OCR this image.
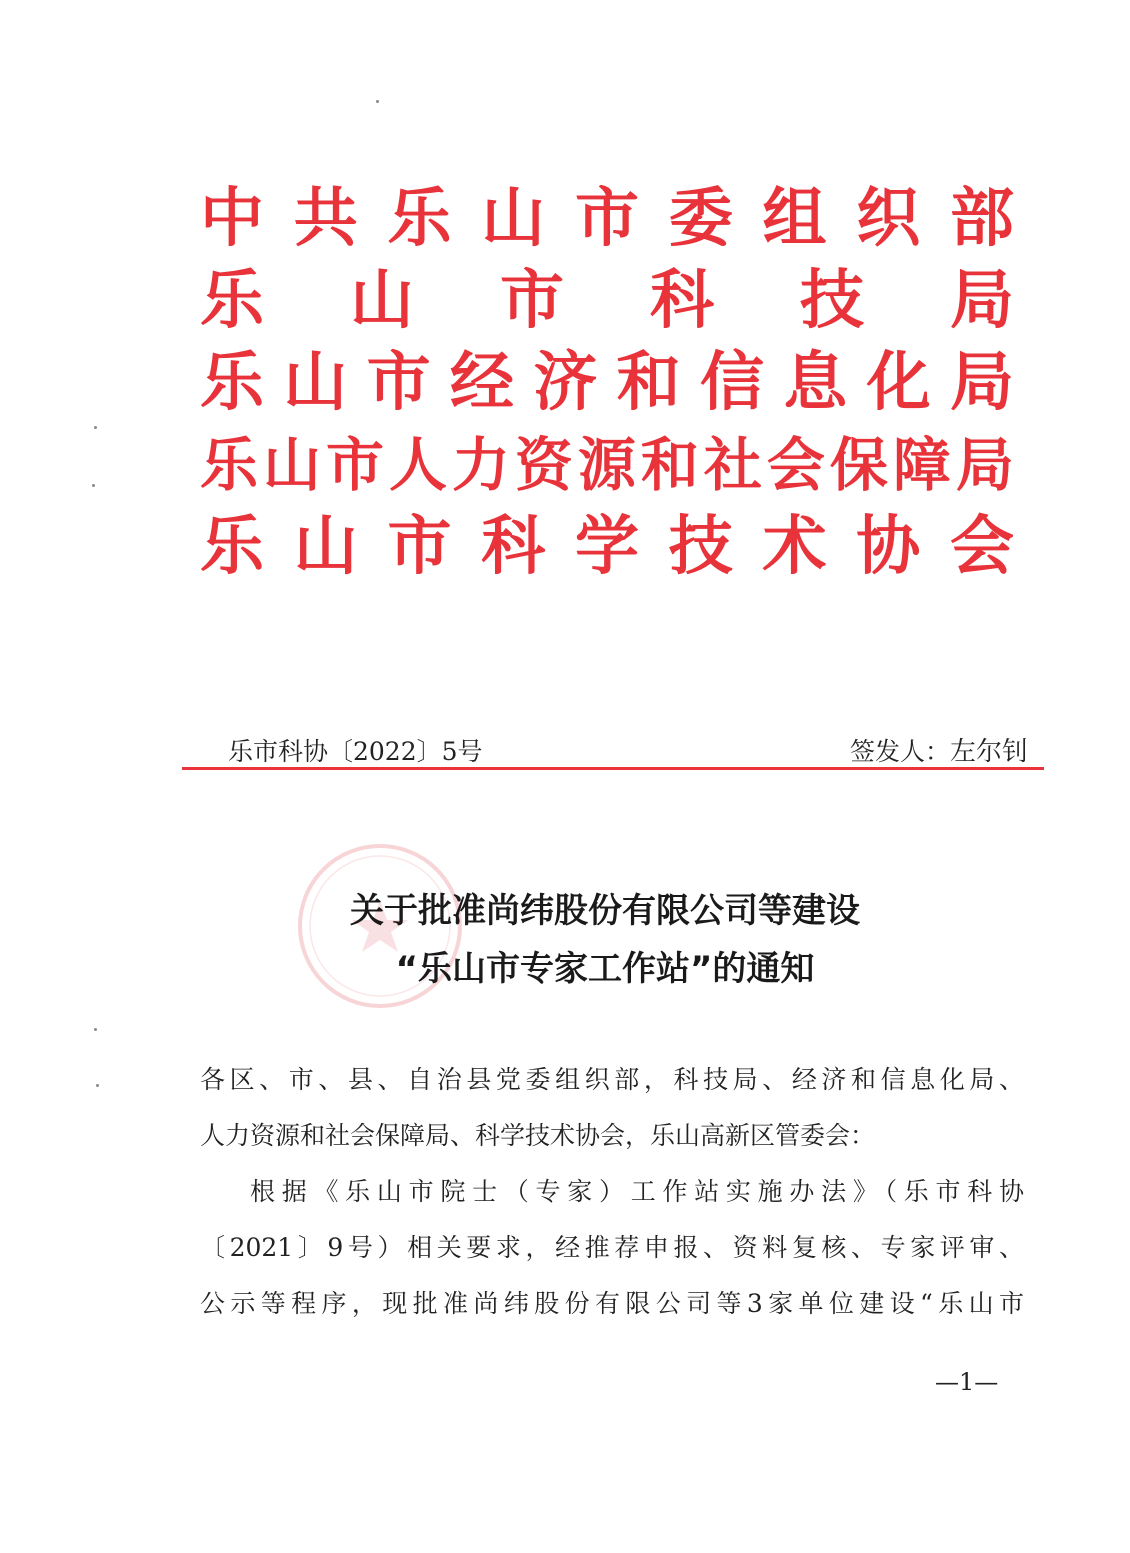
中 共 乐 山 市 委 组 织 部
乐 山 市 科 技 局
乐 山 市 经 济 和 信 息 化 局
乐 山 市 人 力 资 源 和 社 会 保 障 局
乐 山 市 科 学 技 术 协 会
乐市科协〔2022〕5号	签发人：左尔钊
关于批准尚纬股份有限公司等建设
“乐山市专家工作站”的通知

各区、市、县、自治县党委组织部，科技局、经济和信息化局、

人力资源和社会保障局、科学技术协会，乐山高新区管委会：

根据《乐山市院士（专家）工作站实施办法》（乐市科协

〔2021〕9号）相关要求，经推荐申报、资料复核、专家评审、

公示等程序，现批准尚纬股份有限公司等3家单位建设“乐山市

—1—
